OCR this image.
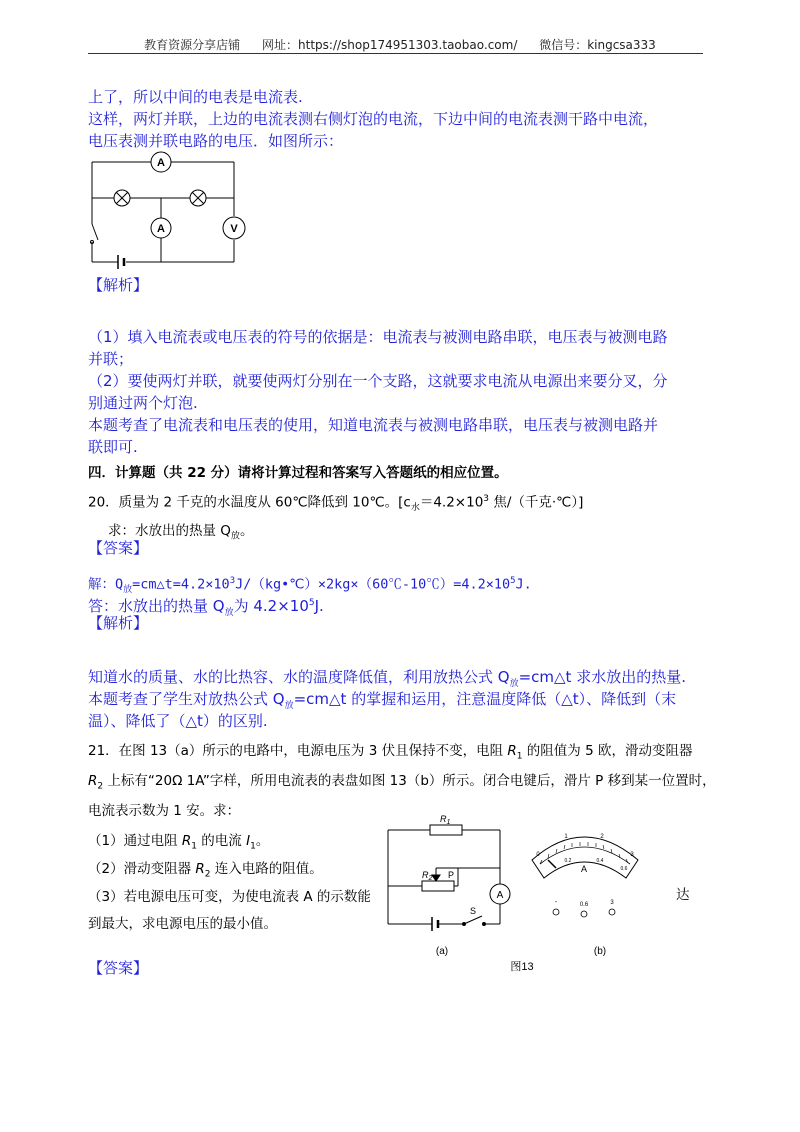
教育资源分享店铺 网址：https://shop174951303.taobao.com/ 微信号：kingcsa333
上了，所以中间的电表是电流表.
这样，两灯并联，上边的电流表测右侧灯泡的电流，下边中间的电流表测干路中电流，
电压表测并联电路的电压．如图所示：
A
A	V
【解析】
（1）填入电流表或电压表的符号的依据是：电流表与被测电路串联，电压表与被测电路
并联；
（2）要使两灯并联，就要使两灯分别在一个支路，这就要求电流从电源出来要分叉，分
别通过两个灯泡.
本题考查了电流表和电压表的使用，知道电流表与被测电路串联，电压表与被测电路并
联即可.
四．计算题（共 22 分）请将计算过程和答案写入答题纸的相应位置。
20．质量为 2 千克的水温度从 60℃降低到 10℃。[$c_水=4.2\times 10^3$ 焦/（千克·℃）]
求：水放出的热量 $Q_放$。
【答案】
解：$Q_放=cm\triangle t=4.2\times 10^3J/(kg•℃)\times 2kg\times(60℃-10℃)=4.2\times 10^5J$.
答：水放出的热量 $Q_放$为 $4.2\times 10^5J$.
【解析】
知道水的质量、水的比热容、水的温度降低值，利用放热公式 $Q_放=cm\triangle t$ 求水放出的热量.
本题考查了学生对放热公式 $Q_放=cm\triangle t$ 的掌握和运用，注意温度降低（△t）、降低到（末
温）、降低了（△t）的区别.
21．在图 13（a）所示的电路中，电源电压为 3 伏且保持不变，电阻 $R_1$ 的阻值为 5 欧，滑动变阻器
$R_2$ 上标有“20Ω 1A”字样，所用电流表的表盘如图 13（b）所示。闭合电键后，滑片 P 移到某一位置时，
电流表示数为 1 安。求：
（1）通过电阻 $R_1$ 的电流 $I_1$。
（2）滑动变阻器 $R_2$ 连入电路的阻值。
（3）若电源电压可变，为使电流表 A 的示数能
到最大，求电源电压的最小值。
达
【答案】
$R_1$
$R_2$ P
A
S
(a)
0
1	2
3
0.2	0.4
0.6
A
-	0.6	3
(b)
图13
